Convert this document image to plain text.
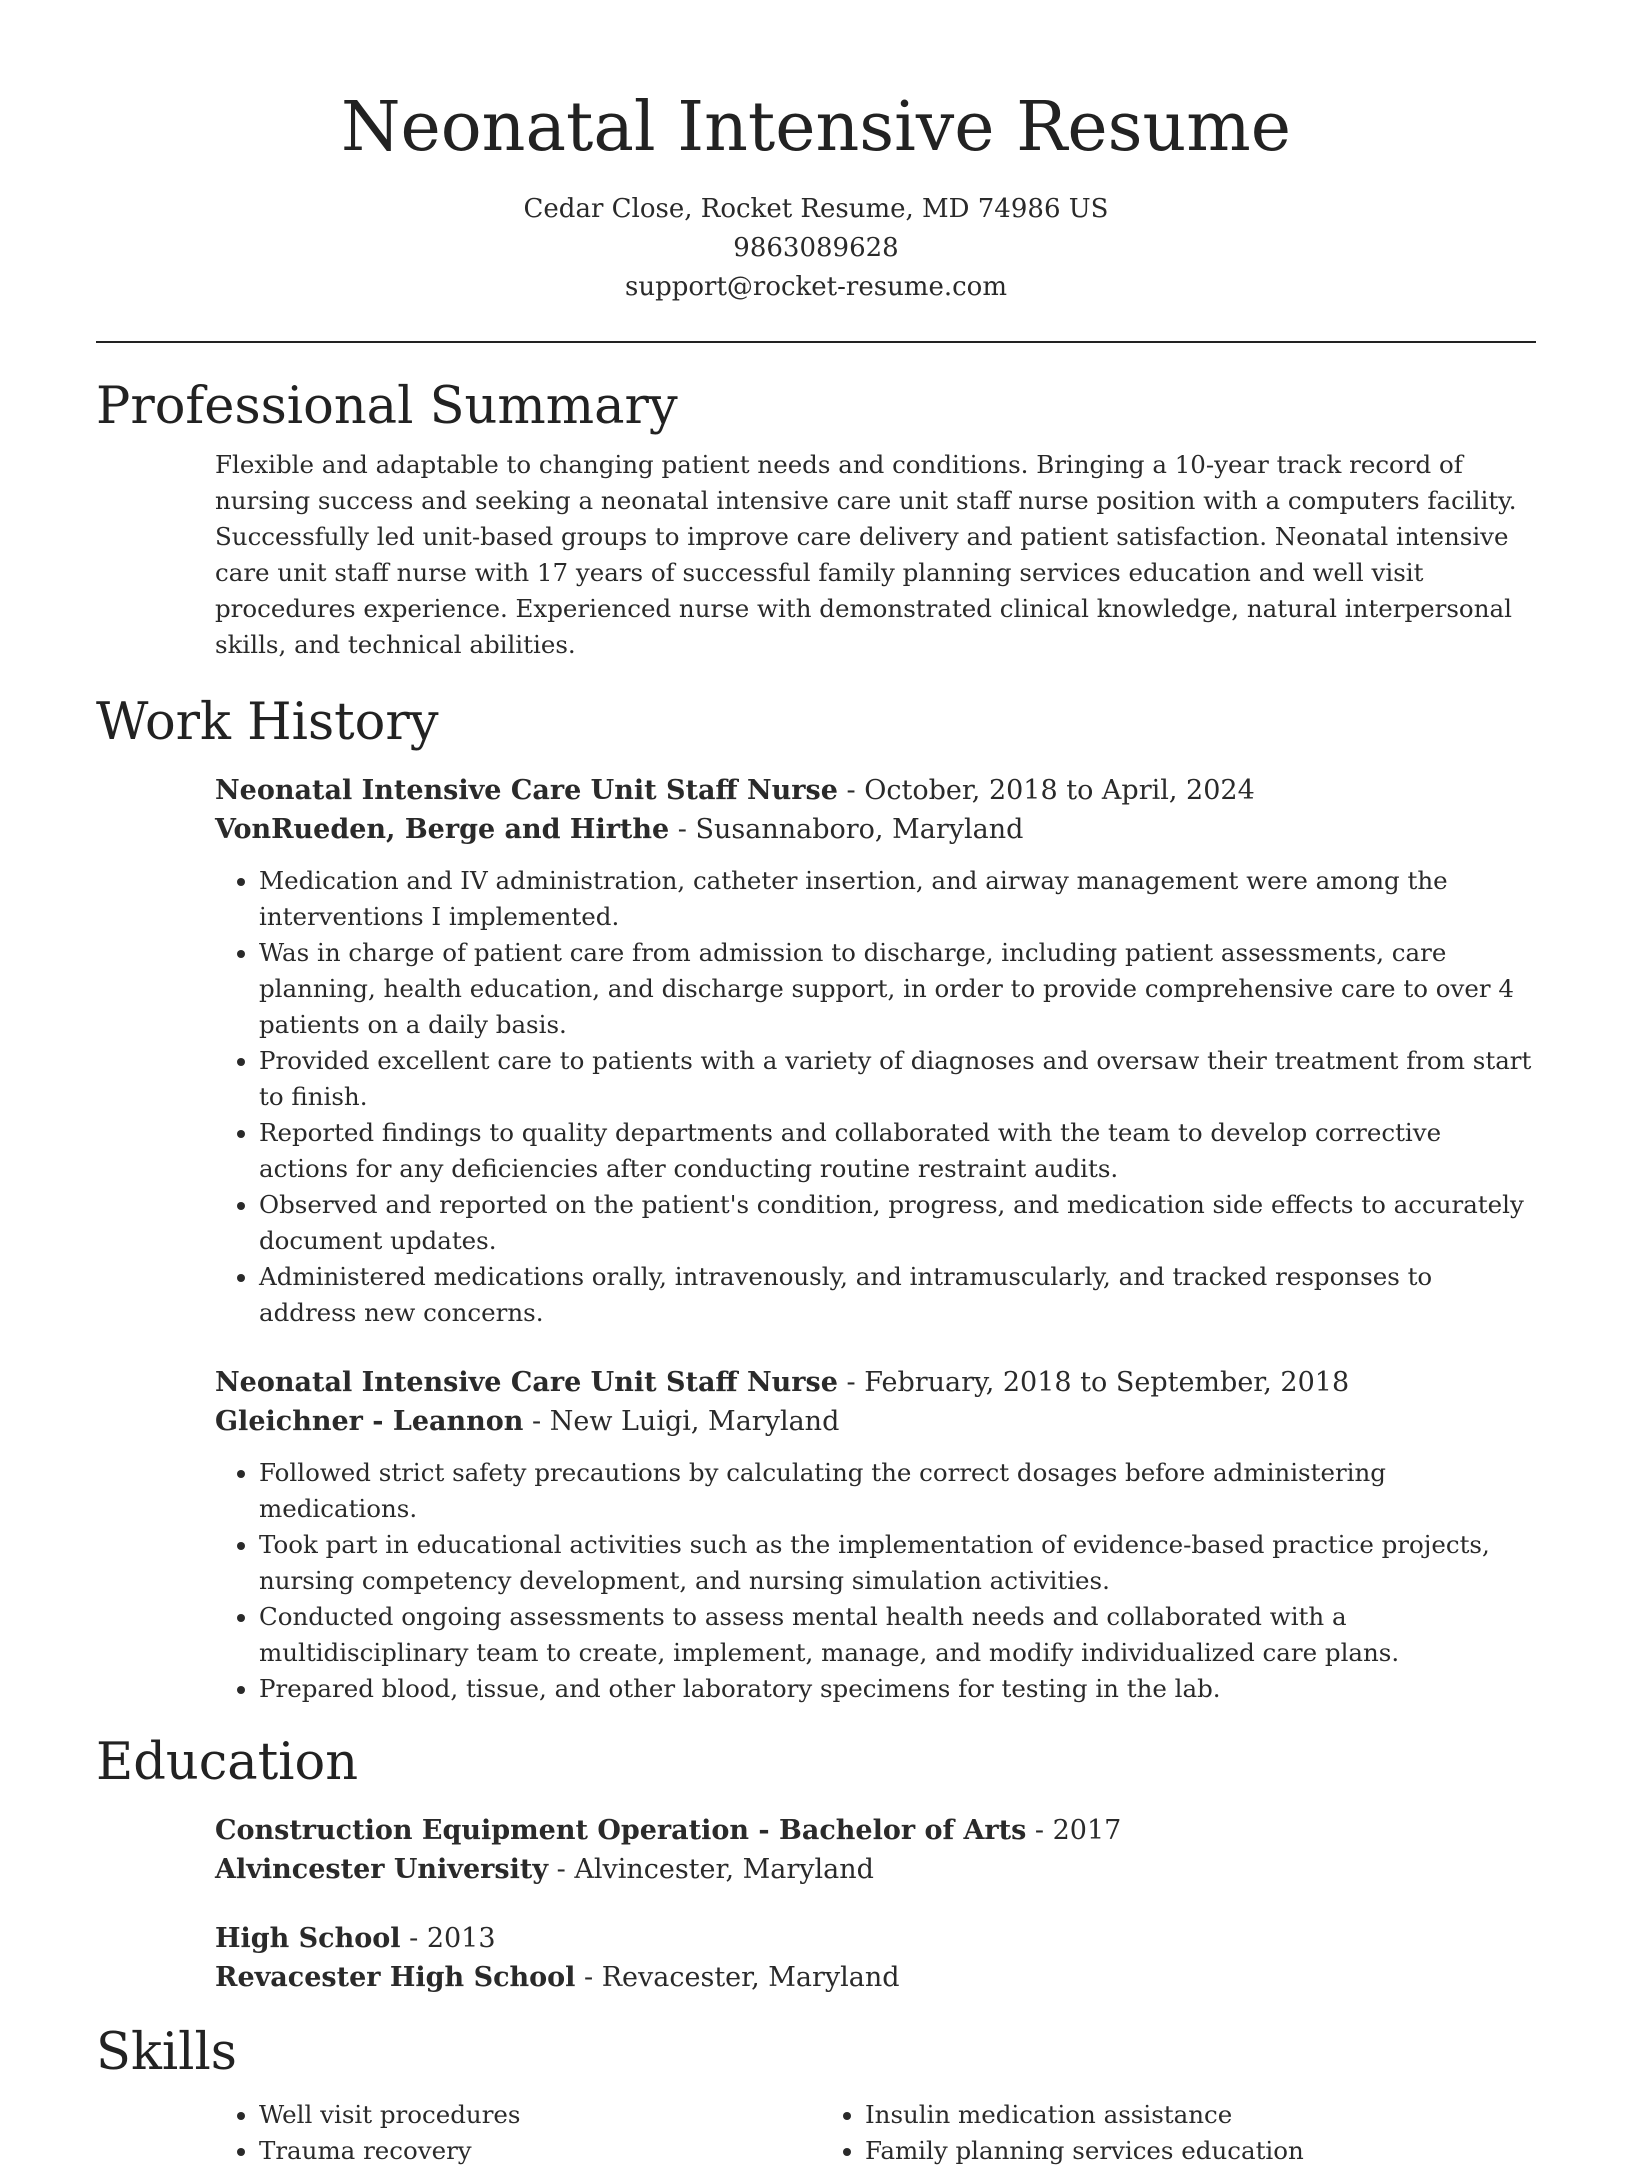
Neonatal Intensive Resume
Cedar Close, Rocket Resume, MD 74986 US
9863089628
support@rocket-resume.com
Professional Summary

Flexible and adaptable to changing patient needs and conditions. Bringing a 10-year track record of nursing success and seeking a neonatal intensive care unit staff nurse position with a computers facility. Successfully led unit-based groups to improve care delivery and patient satisfaction. Neonatal intensive care unit staff nurse with 17 years of successful family planning services education and well visit procedures experience. Experienced nurse with demonstrated clinical knowledge, natural interpersonal skills, and technical abilities.

Work History
Neonatal Intensive Care Unit Staff Nurse - October, 2018 to April, 2024
VonRueden, Berge and Hirthe - Susannaboro, Maryland
• Medication and IV administration, catheter insertion, and airway management were among the interventions I implemented.
• Was in charge of patient care from admission to discharge, including patient assessments, care planning, health education, and discharge support, in order to provide comprehensive care to over 4 patients on a daily basis.
• Provided excellent care to patients with a variety of diagnoses and oversaw their treatment from start to finish.
• Reported findings to quality departments and collaborated with the team to develop corrective actions for any deficiencies after conducting routine restraint audits.
• Observed and reported on the patient's condition, progress, and medication side effects to accurately document updates.
• Administered medications orally, intravenously, and intramuscularly, and tracked responses to address new concerns.
Neonatal Intensive Care Unit Staff Nurse - February, 2018 to September, 2018
Gleichner - Leannon - New Luigi, Maryland
• Followed strict safety precautions by calculating the correct dosages before administering medications.
• Took part in educational activities such as the implementation of evidence-based practice projects, nursing competency development, and nursing simulation activities.
• Conducted ongoing assessments to assess mental health needs and collaborated with a multidisciplinary team to create, implement, manage, and modify individualized care plans.
• Prepared blood, tissue, and other laboratory specimens for testing in the lab.
Education
Construction Equipment Operation - Bachelor of Arts - 2017
Alvincester University - Alvincester, Maryland
High School - 2013
Revacester High School - Revacester, Maryland
Skills
• Well visit procedures
• Trauma recovery
• Insulin medication assistance
• Family planning services education
